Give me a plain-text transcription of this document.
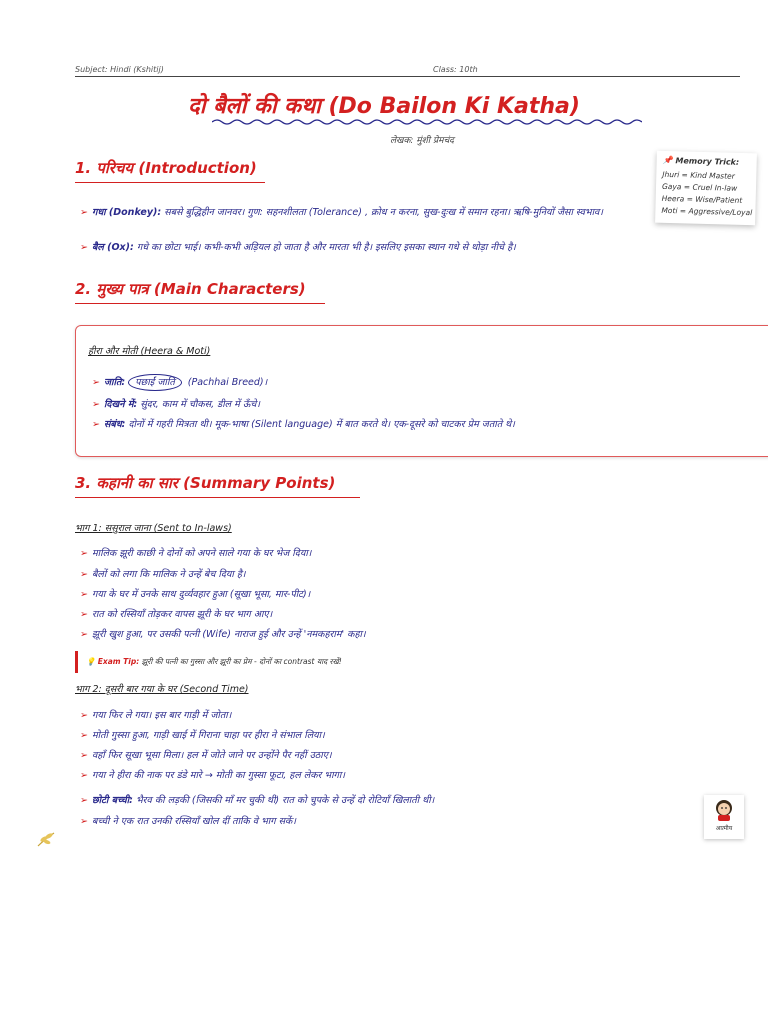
Subject: Hindi (Kshitij)	Class: 10th
दो बैलों की कथा (Do Bailon Ki Katha)
लेखक: मुंशी प्रेमचंद
📌 Memory Trick:
Jhuri = Kind Master
Gaya = Cruel In-law
Heera = Wise/Patient
Moti = Aggressive/Loyal
1. परिचय (Introduction)
➢ गधा (Donkey): सबसे बुद्धिहीन जानवर। गुण: सहनशीलता (Tolerance) , क्रोध न करना, सुख-दुःख में समान रहना। ऋषि-मुनियों जैसा स्वभाव।
➢ बैल (Ox): गधे का छोटा भाई। कभी-कभी अड़ियल हो जाता है और मारता भी है। इसलिए इसका स्थान गधे से थोड़ा नीचे है।
2. मुख्य पात्र (Main Characters)
हीरा और मोती (Heera & Moti)
➢ जाति: पछाईं जाति (Pachhai Breed)।
➢ दिखने में: सुंदर, काम में चौकस, डील में ऊँचे।
➢ संबंध: दोनों में गहरी मित्रता थी। मूक-भाषा (Silent language) में बात करते थे। एक-दूसरे को चाटकर प्रेम जताते थे।
3. कहानी का सार (Summary Points)
भाग 1: ससुराल जाना (Sent to In-laws)
➢ मालिक झूरी काछी ने दोनों को अपने साले गया के घर भेज दिया।
➢ बैलों को लगा कि मालिक ने उन्हें बेच दिया है।
➢ गया के घर में उनके साथ दुर्व्यवहार हुआ (सूखा भूसा, मार-पीट)।
➢ रात को रस्सियाँ तोड़कर वापस झूरी के घर भाग आए।
➢ झूरी खुश हुआ, पर उसकी पत्नी (Wife) नाराज हुई और उन्हें 'नमकहराम' कहा।
💡 Exam Tip: झूरी की पत्नी का गुस्सा और झूरी का प्रेम - दोनों का contrast याद रखें!
भाग 2: दूसरी बार गया के घर (Second Time)
➢ गया फिर ले गया। इस बार गाड़ी में जोता।
➢ मोती गुस्सा हुआ, गाड़ी खाई में गिराना चाहा पर हीरा ने संभाल लिया।
➢ वहाँ फिर सूखा भूसा मिला। हल में जोते जाने पर उन्होंने पैर नहीं उठाए।
➢ गया ने हीरा की नाक पर डंडे मारे → मोती का गुस्सा फूटा, हल लेकर भागा।
➢ छोटी बच्ची: भैरव की लड़की (जिसकी माँ मर चुकी थी) रात को चुपके से उन्हें दो रोटियाँ खिलाती थी।
➢ बच्ची ने एक रात उनकी रस्सियाँ खोल दीं ताकि वे भाग सकें।
आत्मीय
